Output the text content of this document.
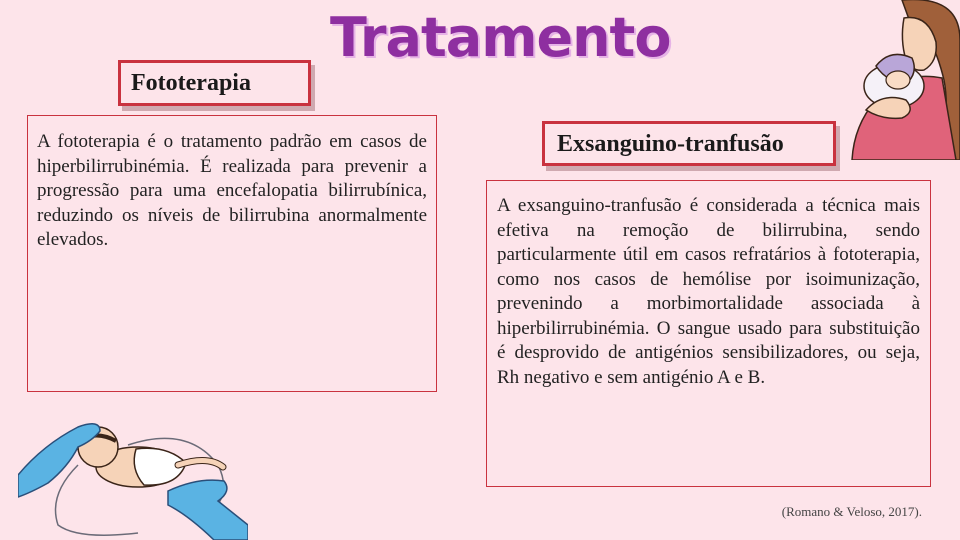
Tratamento
Fototerapia
A fototerapia é o tratamento padrão em casos de hiperbilirrubinémia. É realizada para prevenir a progressão para uma encefalopatia bilirrubínica, reduzindo os níveis de bilirrubina anormalmente elevados.
Exsanguino-tranfusão
A exsanguino-tranfusão é considerada a técnica mais efetiva na remoção de bilirrubina, sendo particularmente útil em casos refratários à fototerapia, como nos casos de hemólise por isoimunização, prevenindo a morbimortalidade associada à hiperbilirrubinémia. O sangue usado para substituição é desprovido de antigénios sensibilizadores, ou seja, Rh negativo e sem antigénio A e B.
(Romano & Veloso, 2017).
